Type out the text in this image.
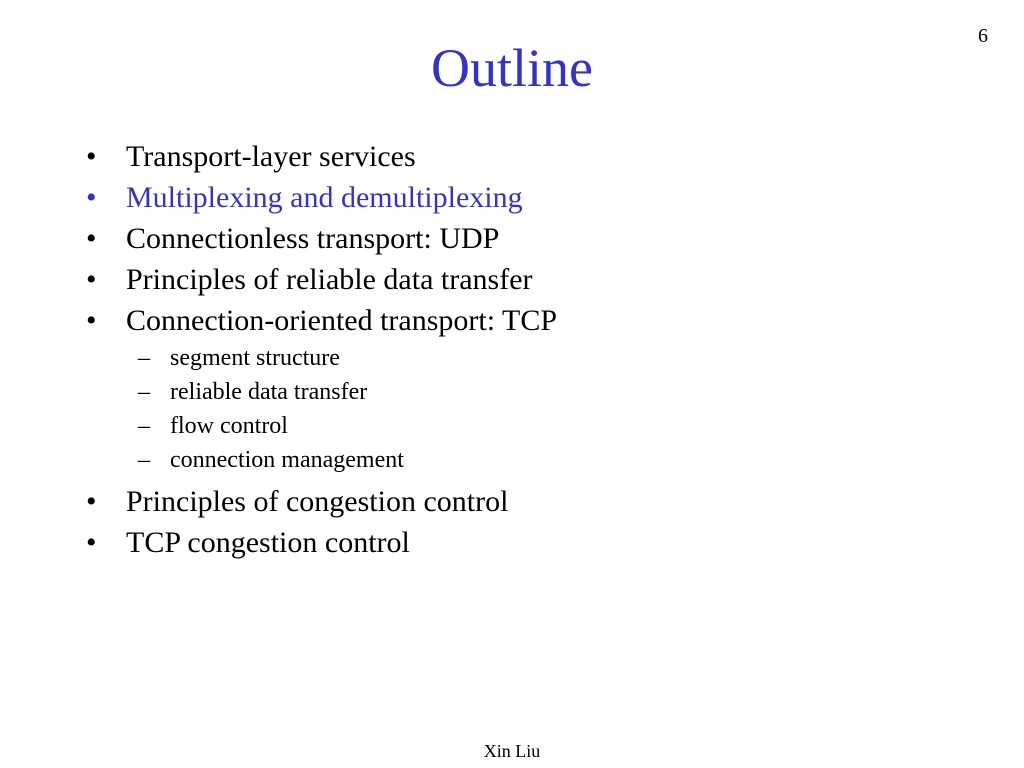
6
Outline
• Transport-layer services
• Multiplexing and demultiplexing
• Connectionless transport: UDP
• Principles of reliable data transfer
• Connection-oriented transport: TCP
– segment structure
– reliable data transfer
– flow control
– connection management
• Principles of congestion control
• TCP congestion control
Xin Liu
